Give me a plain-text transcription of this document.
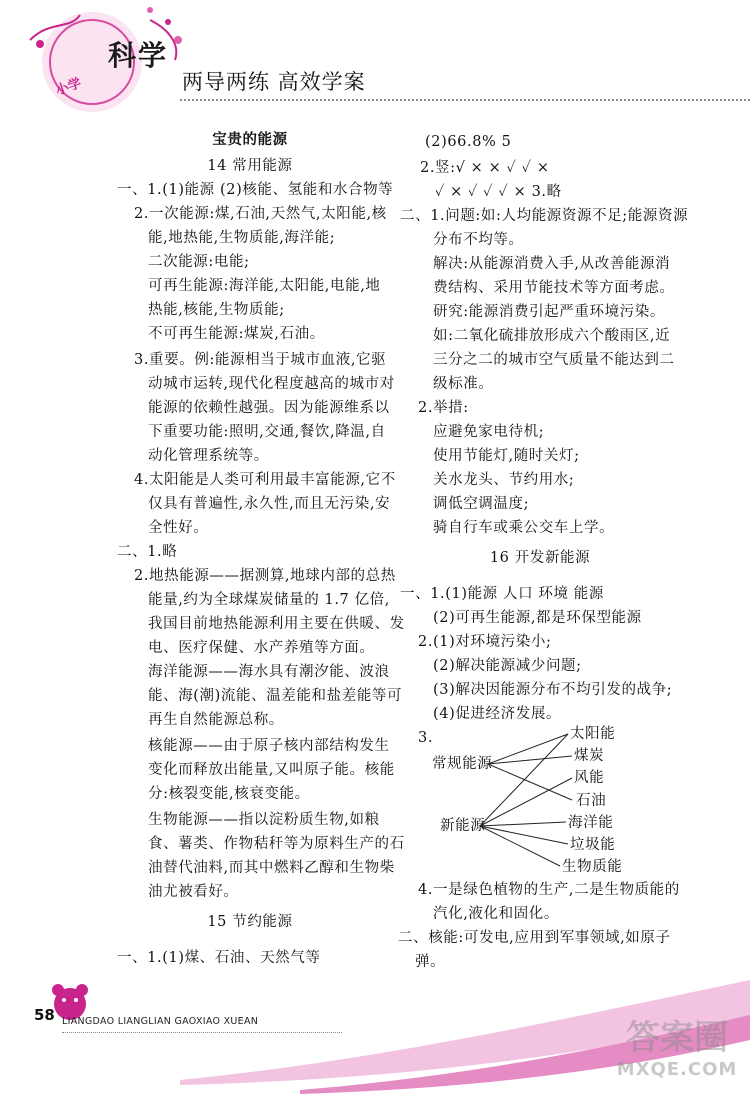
小学
科学
两导两练 高效学案
宝贵的能源
14 常用能源
一、1.(1)能源 (2)核能、氢能和水合物等
2.一次能源:煤,石油,天然气,太阳能,核
能,地热能,生物质能,海洋能;
二次能源:电能;
可再生能源:海洋能,太阳能,电能,地
热能,核能,生物质能;
不可再生能源:煤炭,石油。
3.重要。例:能源相当于城市血液,它驱
动城市运转,现代化程度越高的城市对
能源的依赖性越强。因为能源维系以
下重要功能:照明,交通,餐饮,降温,自
动化管理系统等。
4.太阳能是人类可利用最丰富能源,它不
仅具有普遍性,永久性,而且无污染,安
全性好。
二、1.略
2.地热能源——据测算,地球内部的总热
能量,约为全球煤炭储量的 1.7 亿倍,
我国目前地热能源利用主要在供暖、发
电、医疗保健、水产养殖等方面。
海洋能源——海水具有潮汐能、波浪
能、海(潮)流能、温差能和盐差能等可
再生自然能源总称。
核能源——由于原子核内部结构发生
变化而释放出能量,又叫原子能。核能
分:核裂变能,核衰变能。
生物能源——指以淀粉质生物,如粮
食、薯类、作物秸秆等为原料生产的石
油替代油料,而其中燃料乙醇和生物柴
油尤被看好。
15 节约能源
一、1.(1)煤、石油、天然气等
(2)66.8% 5
2.竖:√ × × ✓ ✓ ×
✓ × ✓ ✓ ✓ × 3.略
二、1.问题:如:人均能源资源不足;能源资源
分布不均等。
解决:从能源消费入手,从改善能源消
费结构、采用节能技术等方面考虑。
研究:能源消费引起严重环境污染。
如:二氧化硫排放形成六个酸雨区,近
三分之二的城市空气质量不能达到二
级标准。
2.举措:
应避免家电待机;
使用节能灯,随时关灯;
关水龙头、节约用水;
调低空调温度;
骑自行车或乘公交车上学。
16 开发新能源
一、1.(1)能源 人口 环境 能源
(2)可再生能源,都是环保型能源
2.(1)对环境污染小;
(2)解决能源减少问题;
(3)解决因能源分布不均引发的战争;
(4)促进经济发展。
3.
常规能源
新能源
太阳能
煤炭
风能
石油
海洋能
垃圾能
生物质能
4.一是绿色植物的生产,二是生物质能的
汽化,液化和固化。
二、核能:可发电,应用到军事领域,如原子
弹。
58 LIANGDAO LIANGLIAN GAOXIAO XUEAN	答案圈
MXQE.COM
